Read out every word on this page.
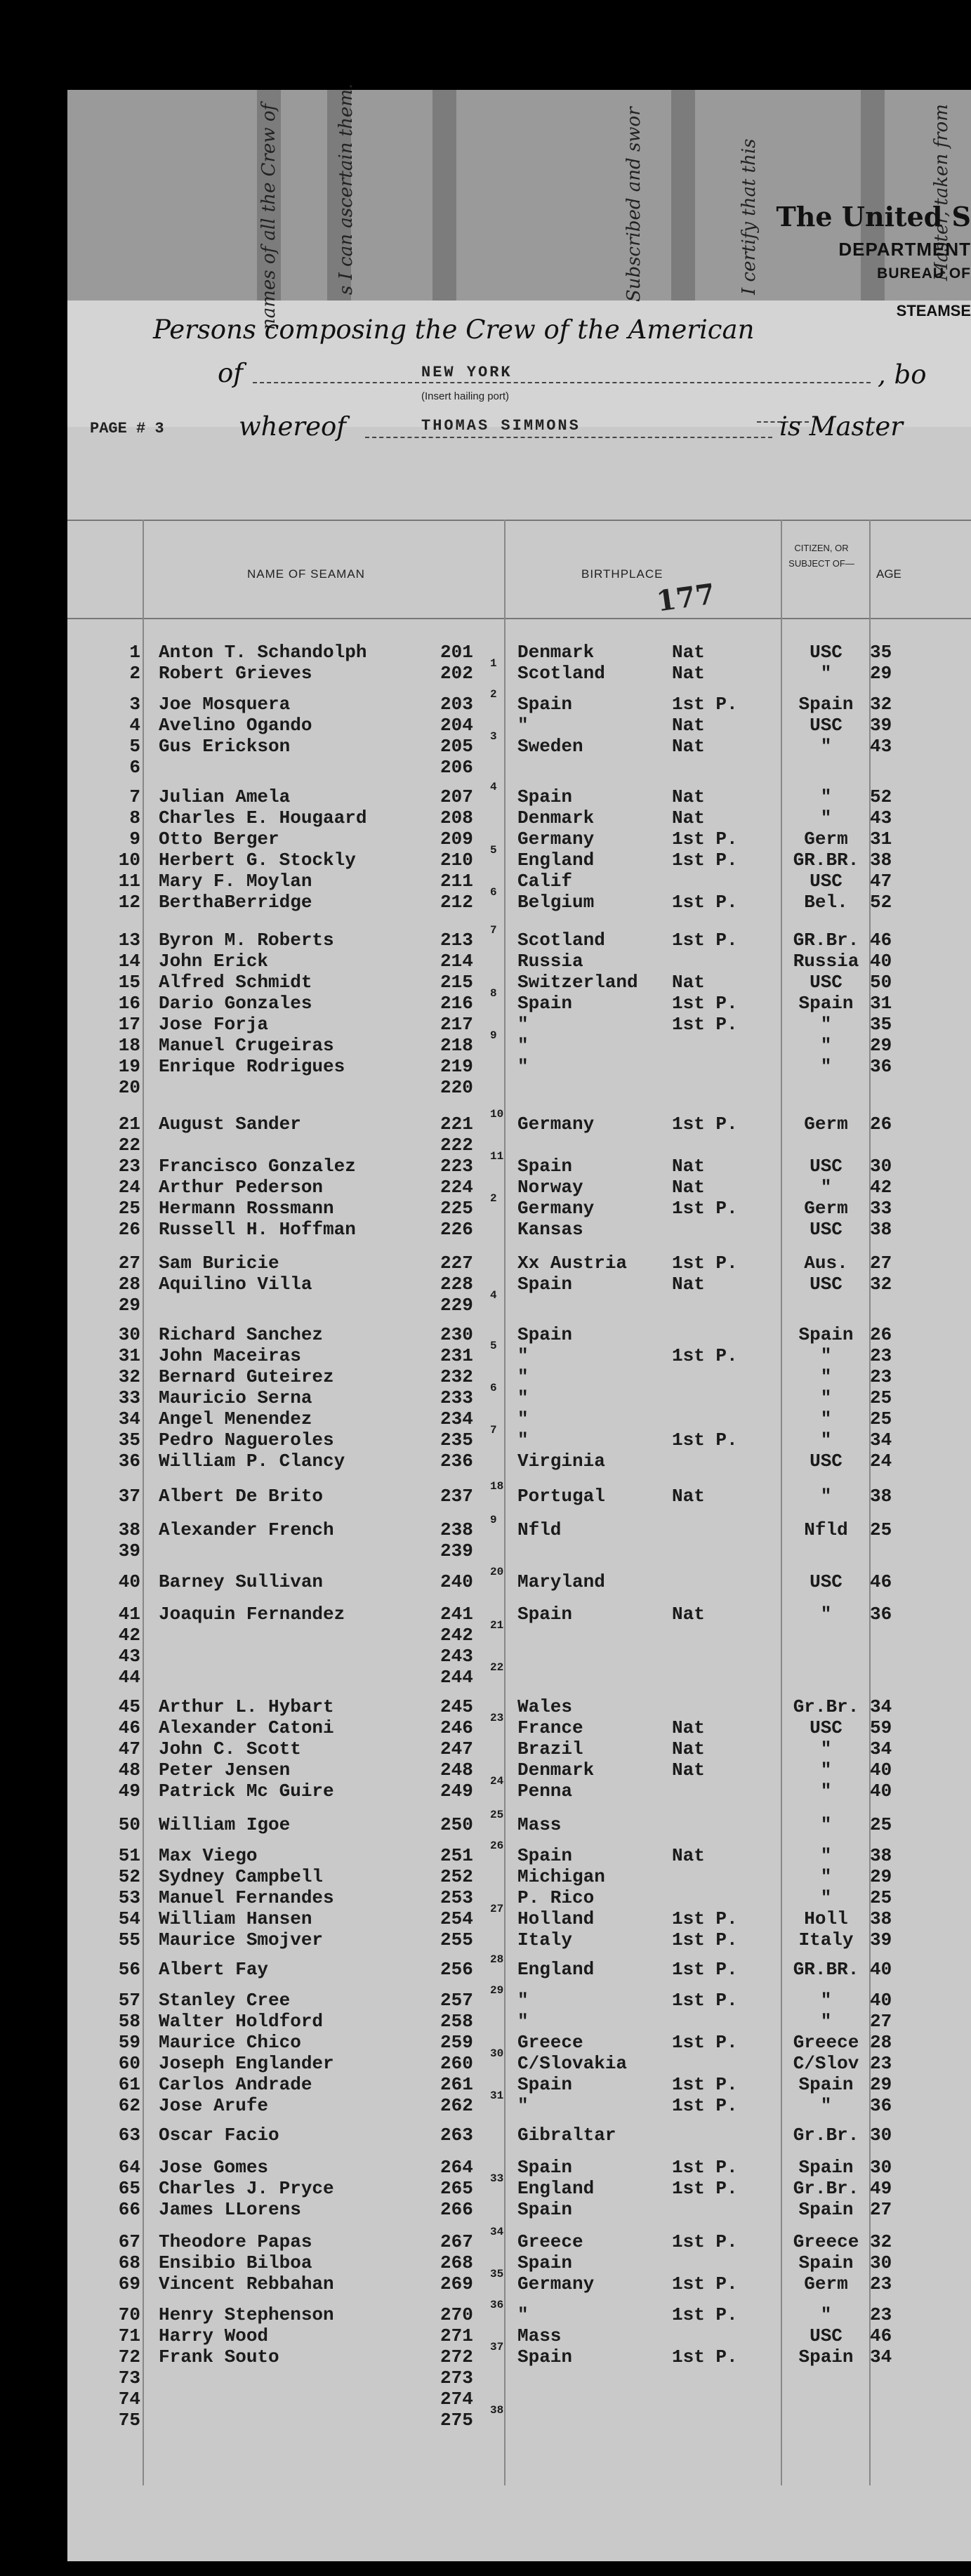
names of all the Crew of	s I can ascertain them.	Subscribed and swor	I certify that this	Master, taken from
The United S
DEPARTMENT
BUREAU OF
STEAMSE
Persons composing the Crew of the American
of	NEW YORK
(Insert hailing port)
, bo
whereof	THOMAS SIMMONS	is Master
PAGE # 3
NAME OF SEAMAN	BIRTHPLACE
CITIZEN, OR SUBJECT OF—
AGE
177
1 Anton T. Schandolph	201 Denmark	Nat	USC	35
2 Robert Grieves	202 Scotland	Nat	"	29
1
3 Joe Mosquera	203 Spain	1st P.	Spain 32
2
4 Avelino Ogando	204 "	Nat	USC	39
5 Gus Erickson	205 Sweden	Nat	"	43
3
6	206
7 Julian Amela	207 Spain	Nat	"	52
4
8 Charles E. Hougaard	208 Denmark	Nat	"	43
9 Otto Berger	209 Germany	1st P.	Germ	31
10 Herbert G. Stockly	210 England	1st P.	GR.BR. 38
5
11 Mary F. Moylan	211 Calif	USC	47
12 BerthaBerridge	212 Belgium	1st P.	Bel.	52
6
13 Byron M. Roberts	213 Scotland	1st P.	GR.Br. 46
7
14 John Erick	214 Russia	Russia 40
15 Alfred Schmidt	215 Switzerland Nat	USC	50
16 Dario Gonzales	216 Spain	1st P.	Spain 31
8
17 Jose Forja	217 "	1st P.	"	35
18 Manuel Crugeiras	218 "	"	29
9
19 Enrique Rodrigues	219 "	"	36
20	220
21 August Sander	221 Germany	1st P.	Germ	26
10
22	222
23 Francisco Gonzalez	223 Spain	Nat	USC	30
11
24 Arthur Pederson	224 Norway	Nat	"	42
25 Hermann Rossmann	225 Germany	1st P.	Germ	33
2
26 Russell H. Hoffman	226 Kansas	USC	38
27 Sam Buricie	227 Xx Austria 1st P.	Aus.	27
28 Aquilino Villa	228 Spain	Nat	USC	32
29	229 4
30 Richard Sanchez	230 Spain	Spain 26
31 John Maceiras	231 "	1st P.	"	23
5
32 Bernard Guteirez	232 "	"	23
33 Mauricio Serna	233 "	"	25
6
34 Angel Menendez	234 "	"	25
35 Pedro Nagueroles	235 "	1st P.	"	34
7
36 William P. Clancy	236 Virginia	USC	24
37 Albert De Brito	237 Portugal	Nat	"	38
18
38 Alexander French	238 Nfld	Nfld	25
9
39	239
40 Barney Sullivan	240 Maryland	USC	46
20
41 Joaquin Fernandez	241 Spain	Nat	"	36
42	242 21
43	243
44	244 22
45 Arthur L. Hybart	245 Wales	Gr.Br. 34
46 Alexander Catoni	246 France	Nat	USC	59
23
47 John C. Scott	247 Brazil	Nat	"	34
48 Peter Jensen	248 Denmark	Nat	"	40
49 Patrick Mc Guire	249 Penna	"	40
24
50 William Igoe	250 Mass	"	25
25
51 Max Viego	251 Spain	Nat	"	38
26
52 Sydney Campbell	252 Michigan	"	29
53 Manuel Fernandes	253 P. Rico	"	25
54 William Hansen	254 Holland	1st P.	Holl	38
27
55 Maurice Smojver	255 Italy	1st P.	Italy 39
56 Albert Fay	256 England	1st P.	GR.BR. 40
28
57 Stanley Cree	257 "	1st P.	"	40
29
58 Walter Holdford	258 "	"	27
59 Maurice Chico	259 Greece	1st P.	Greece 28
60 Joseph Englander	260 C/Slovakia	C/Slov 23
30
61 Carlos Andrade	261 Spain	1st P.	Spain 29
62 Jose Arufe	262 "	1st P.	"	36
31
63 Oscar Facio	263 Gibraltar	Gr.Br. 30
64 Jose Gomes	264 Spain	1st P.	Spain 30
65 Charles J. Pryce	265 England	1st P.	Gr.Br. 49
33
66 James LLorens	266 Spain	Spain 27
67 Theodore Papas	267 Greece	1st P.	Greece 32
34
68 Ensibio Bilboa	268 Spain	Spain 30
69 Vincent Rebbahan	269 Germany	1st P.	Germ	23
35
70 Henry Stephenson	270 "	1st P.	"	23
36
71 Harry Wood	271 Mass	USC	46
72 Frank Souto	272 Spain	1st P.	Spain 34
37
73	273
74	274
75	275 38
